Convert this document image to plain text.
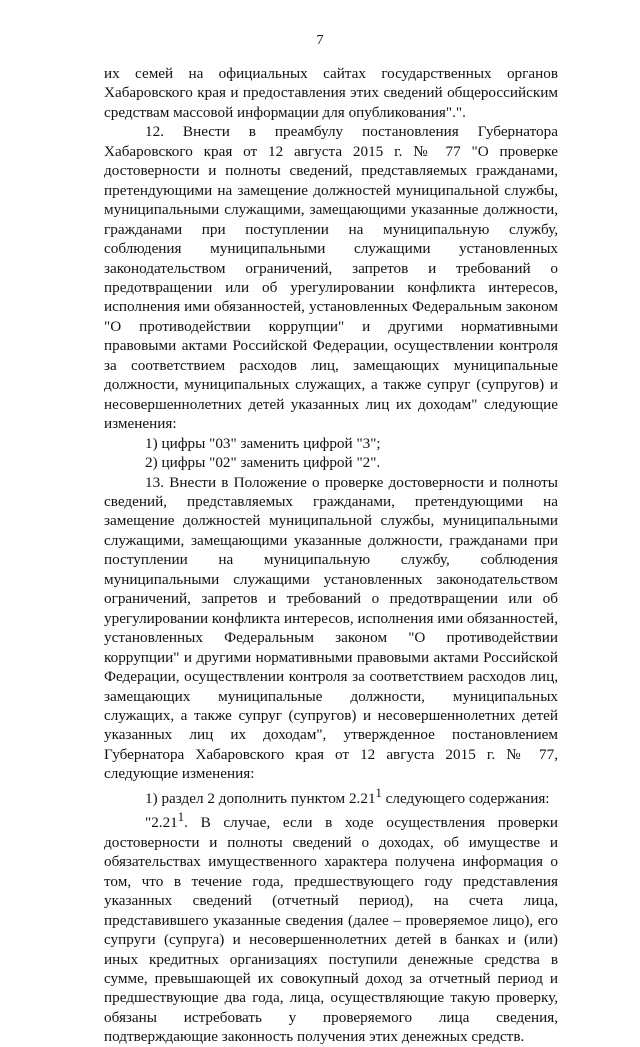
7

их семей на официальных сайтах государственных органов Хабаровского края и предоставления этих сведений общероссийским средствам массовой информации для опубликования".".

12. Внести в преамбулу постановления Губернатора Хабаровского края от 12 августа 2015 г. № 77 "О проверке достоверности и полноты сведений, представляемых гражданами, претендующими на замещение должностей муниципальной службы, муниципальными служащими, замещающими указанные должности, гражданами при поступлении на муниципальную службу, соблюдения муниципальными служащими установленных законодательством ограничений, запретов и требований о предотвращении или об урегулировании конфликта интересов, исполнения ими обязанностей, установленных Федеральным законом "О противодействии коррупции" и другими нормативными правовыми актами Российской Федерации, осуществлении контроля за соответствием расходов лиц, замещающих муниципальные должности, муниципальных служащих, а также супруг (супругов) и несовершеннолетних детей указанных лиц их доходам" следующие изменения:

1) цифры "03" заменить цифрой "3";

2) цифры "02" заменить цифрой "2".

13. Внести в Положение о проверке достоверности и полноты сведений, представляемых гражданами, претендующими на замещение должностей муниципальной службы, муниципальными служащими, замещающими указанные должности, гражданами при поступлении на муниципальную службу, соблюдения муниципальными служащими установленных законодательством ограничений, запретов и требований о предотвращении или об урегулировании конфликта интересов, исполнения ими обязанностей, установленных Федеральным законом "О противодействии коррупции" и другими нормативными правовыми актами Российской Федерации, осуществлении контроля за соответствием расходов лиц, замещающих муниципальные должности, муниципальных служащих, а также супруг (супругов) и несовершеннолетних детей указанных лиц их доходам", утвержденное постановлением Губернатора Хабаровского края от 12 августа 2015 г. № 77, следующие изменения:

1) раздел 2 дополнить пунктом 2.21$^1$ следующего содержания:

"2.21$^1$. В случае, если в ходе осуществления проверки достоверности и полноты сведений о доходах, об имуществе и обязательствах имущественного характера получена информация о том, что в течение года, предшествующего году представления указанных сведений (отчетный период), на счета лица, представившего указанные сведения (далее – проверяемое лицо), его супруги (супруга) и несовершеннолетних детей в банках и (или) иных кредитных организациях поступили денежные средства в сумме, превышающей их совокупный доход за отчетный период и предшествующие два года, лица, осуществляющие такую проверку, обязаны истребовать у проверяемого лица сведения, подтверждающие законность получения этих денежных средств.
